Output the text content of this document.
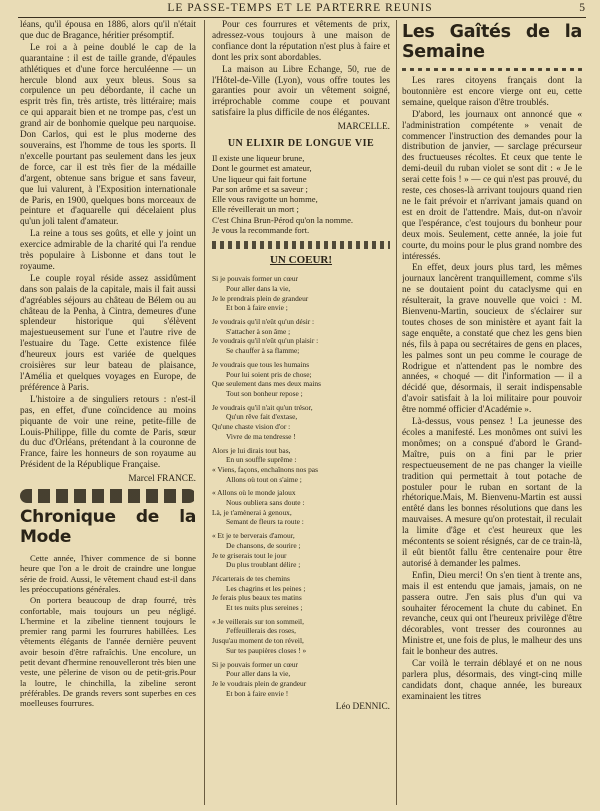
LE PASSE-TEMPS ET LE PARTERRE REUNIS	5

léans, qu'il épousa en 1886, alors qu'il n'était que duc de Bragance, héritier présomptif.

Le roi a à peine doublé le cap de la quarantaine : il est de taille grande, d'épaules athlétiques et d'une force herculéenne — un hercule blond aux yeux bleus. Sous sa corpulence un peu débordante, il cache un esprit très fin, très artiste, très littéraire; mais ce qui apparait bien et ne trompe pas, c'est un grand air de bonhomie quelque peu narquoise. Don Carlos, qui est le plus moderne des souverains, est l'homme de tous les sports. Il n'excelle pourtant pas seulement dans les jeux de force, car il est très fier de la médaille d'argent, obtenue sans brigue et sans faveur, que lui valurent, à l'Exposition internationale de Paris, en 1900, quelques bons morceaux de peinture et d'aquarelle qui décelaient plus qu'un joli talent d'amateur.

La reine a tous ses goûts, et elle y joint un exercice admirable de la charité qui l'a rendue très populaire à Lisbonne et dans tout le royaume.

Le couple royal réside assez assidûment dans son palais de la capitale, mais il fait aussi d'agréables séjours au château de Bélem ou au château de la Penha, à Cintra, demeures d'une splendeur historique qui s'élèvent majestueusement sur l'une et l'autre rive de l'estuaire du Tage. Cette existence filée d'heureux jours est variée de quelques croisières sur leur bateau de plaisance, l'Amélia et quelques voyages en Europe, de préférence à Paris.

L'histoire a de singuliers retours : n'est-il pas, en effet, d'une coïncidence au moins piquante de voir une reine, petite-fille de Louis-Philippe, fille du comte de Paris, sœur du duc d'Orléans, prétendant à la couronne de France, faire les honneurs de son royaume au Président de la République Française.

Marcel FRANCE.

Chronique de la Mode

Cette année, l'hiver commence de si bonne heure que l'on a le droit de craindre une longue série de froid. Aussi, le vêtement chaud est-il dans les préoccupations générales.

On portera beaucoup de drap fourré, très confortable, mais toujours un peu négligé. L'hermine et la zibeline tiennent toujours le premier rang parmi les fourrures habillées. Les vêtements élégants de l'année dernière peuvent avoir besoin d'être rafraîchis. Une encolure, un petit devant d'hermine renouvelleront très bien une veste, une pèlerine de vison ou de petit-gris.Pour la loutre, le chinchilla, la zibeline seront préférables. De grands revers sont superbes en ces moelleuses fourrures.

Pour ces fourrures et vêtements de prix, adressez-vous toujours à une maison de confiance dont la réputation n'est plus à faire et dont les prix sont abordables.

La maison au Libre Echange, 50, rue de l'Hôtel-de-Ville (Lyon), vous offre toutes les garanties pour avoir un vêtement soigné, irréprochable comme coupe et pouvant satisfaire la plus difficile de nos élégantes.

MARCELLE.

UN ELIXIR DE LONGUE VIE
Il existe une liqueur brune,
Dont le gourmet est amateur,
Une liqueur qui fait fortune
Par son arôme et sa saveur ;
Elle vous ravigotte un homme,
Elle réveillerait un mort ;
C'est China Brun-Pérod qu'on la nomme.
Je vous la recommande fort.
UN COEUR!
Si je pouvais former un cœur
Pour aller dans la vie,
Je le prendrais plein de grandeur
Et bon à faire envie ;
Je voudrais qu'il n'eût qu'un désir :
S'attacher à son âme ;
Je voudrais qu'il n'eût qu'un plaisir :
Se chauffer à sa flamme;
Je voudrais que tous les humains
Pour lui soient pris de chose;
Que seulement dans mes deux mains
Tout son bonheur repose ;
Je voudrais qu'il n'ait qu'un trésor,
Qu'un rêve fait d'extase,
Qu'une chaste vision d'or :
Vivre de ma tendresse !
Alors je lui dirais tout bas,
En un souffle suprême :
« Viens, façons, enchaînons nos pas
Allons où tout on s'aime ;
« Allons où le monde jaloux
Nous oubliera sans doute :
Là, je t'amènerai à genoux,
Semant de fleurs ta route :
« Et je te berverais d'amour,
De chansons, de sourire ;
Je te griserais tout le jour
Du plus troublant délire ;
J'écarterais de tes chemins
Les chagrins et les peines ;
Je ferais plus beaux tes matins
Et tes nuits plus sereines ;
« Je veillerais sur ton sommeil,
J'effeuillerais des roses,
Jusqu'au moment de ton réveil,
Sur tes paupières closes ! »
Si je pouvais former un cœur
Pour aller dans la vie,
Je le voudrais plein de grandeur
Et bon à faire envie !

Léo DENNIC.

Les Gaîtés de la Semaine

Les rares citoyens français dont la boutonnière est encore vierge ont eu, cette semaine, quelque raison d'être troublés.

D'abord, les journaux ont annoncé que « l'administration compétente » venait de commencer l'instruction des demandes pour la distribution de janvier, — sarclage précurseur des fructueuses récoltes. Et ceux que tente le demi-deuil du ruban violet se sont dit : « Je le serai cette fois ! » — ce qui n'est pas prouvé, du reste, ces choses-là arrivant toujours quand rien ne le fait prévoir et n'arrivant jamais quand on est en droit de l'attendre. Mais, dut-on n'avoir que l'espérance, c'est toujours du bonheur pour deux mois. Seulement, cette année, la joie fut courte, du moins pour le plus grand nombre des intéressés.

En effet, deux jours plus tard, les mêmes journaux lancèrent tranquillement, comme s'ils ne se doutaient point du cataclysme qui en résulterait, la grave nouvelle que voici : M. Bienvenu-Martin, soucieux de s'éclairer sur toutes choses de son ministère et ayant fait la sage enquête, a constaté que chez les gens bien nés, fils à papa ou secrétaires de gens en places, les palmes sont un peu comme le courage de Rodrigue et n'attendent pas le nombre des années, « choqué — dit l'information — il a décidé que, désormais, il serait indispensable d'avoir satisfait à la loi militaire pour pouvoir être nommé officier d'Académie ».

Là-dessus, vous pensez ! La jeunesse des écoles a manifesté. Les monômes ont suivi les monômes; on a conspué d'abord le Grand-Maître, puis on a fini par le prier respectueusement de ne pas changer la vieille tradition qui permettait à tout potache de postuler pour le ruban en sortant de la rhétorique.Mais, M. Bienvenu-Martin est aussi entêté dans les bonnes résolutions que dans les mauvaises. A mesure qu'on protestait, il reculait la limite d'âge et c'est heureux que les mécontents se soient résignés, car de ce train-là, il eût bientôt fallu être centenaire pour être autorisé à demander les palmes.

Enfin, Dieu merci! On s'en tient à trente ans, mais il est entendu que jamais, jamais, on ne passera outre. J'en sais plus d'un qui va souhaiter férocement la chute du cabinet. En revanche, ceux qui ont l'heureux privilège d'être décorables, vont tresser des couronnes au Ministre et, une fois de plus, le malheur des uns fait le bonheur des autres.

Car voilà le terrain déblayé et on ne nous parlera plus, désormais, des vingt-cinq mille candidats dont, chaque année, les bureaux examinaient les titres
